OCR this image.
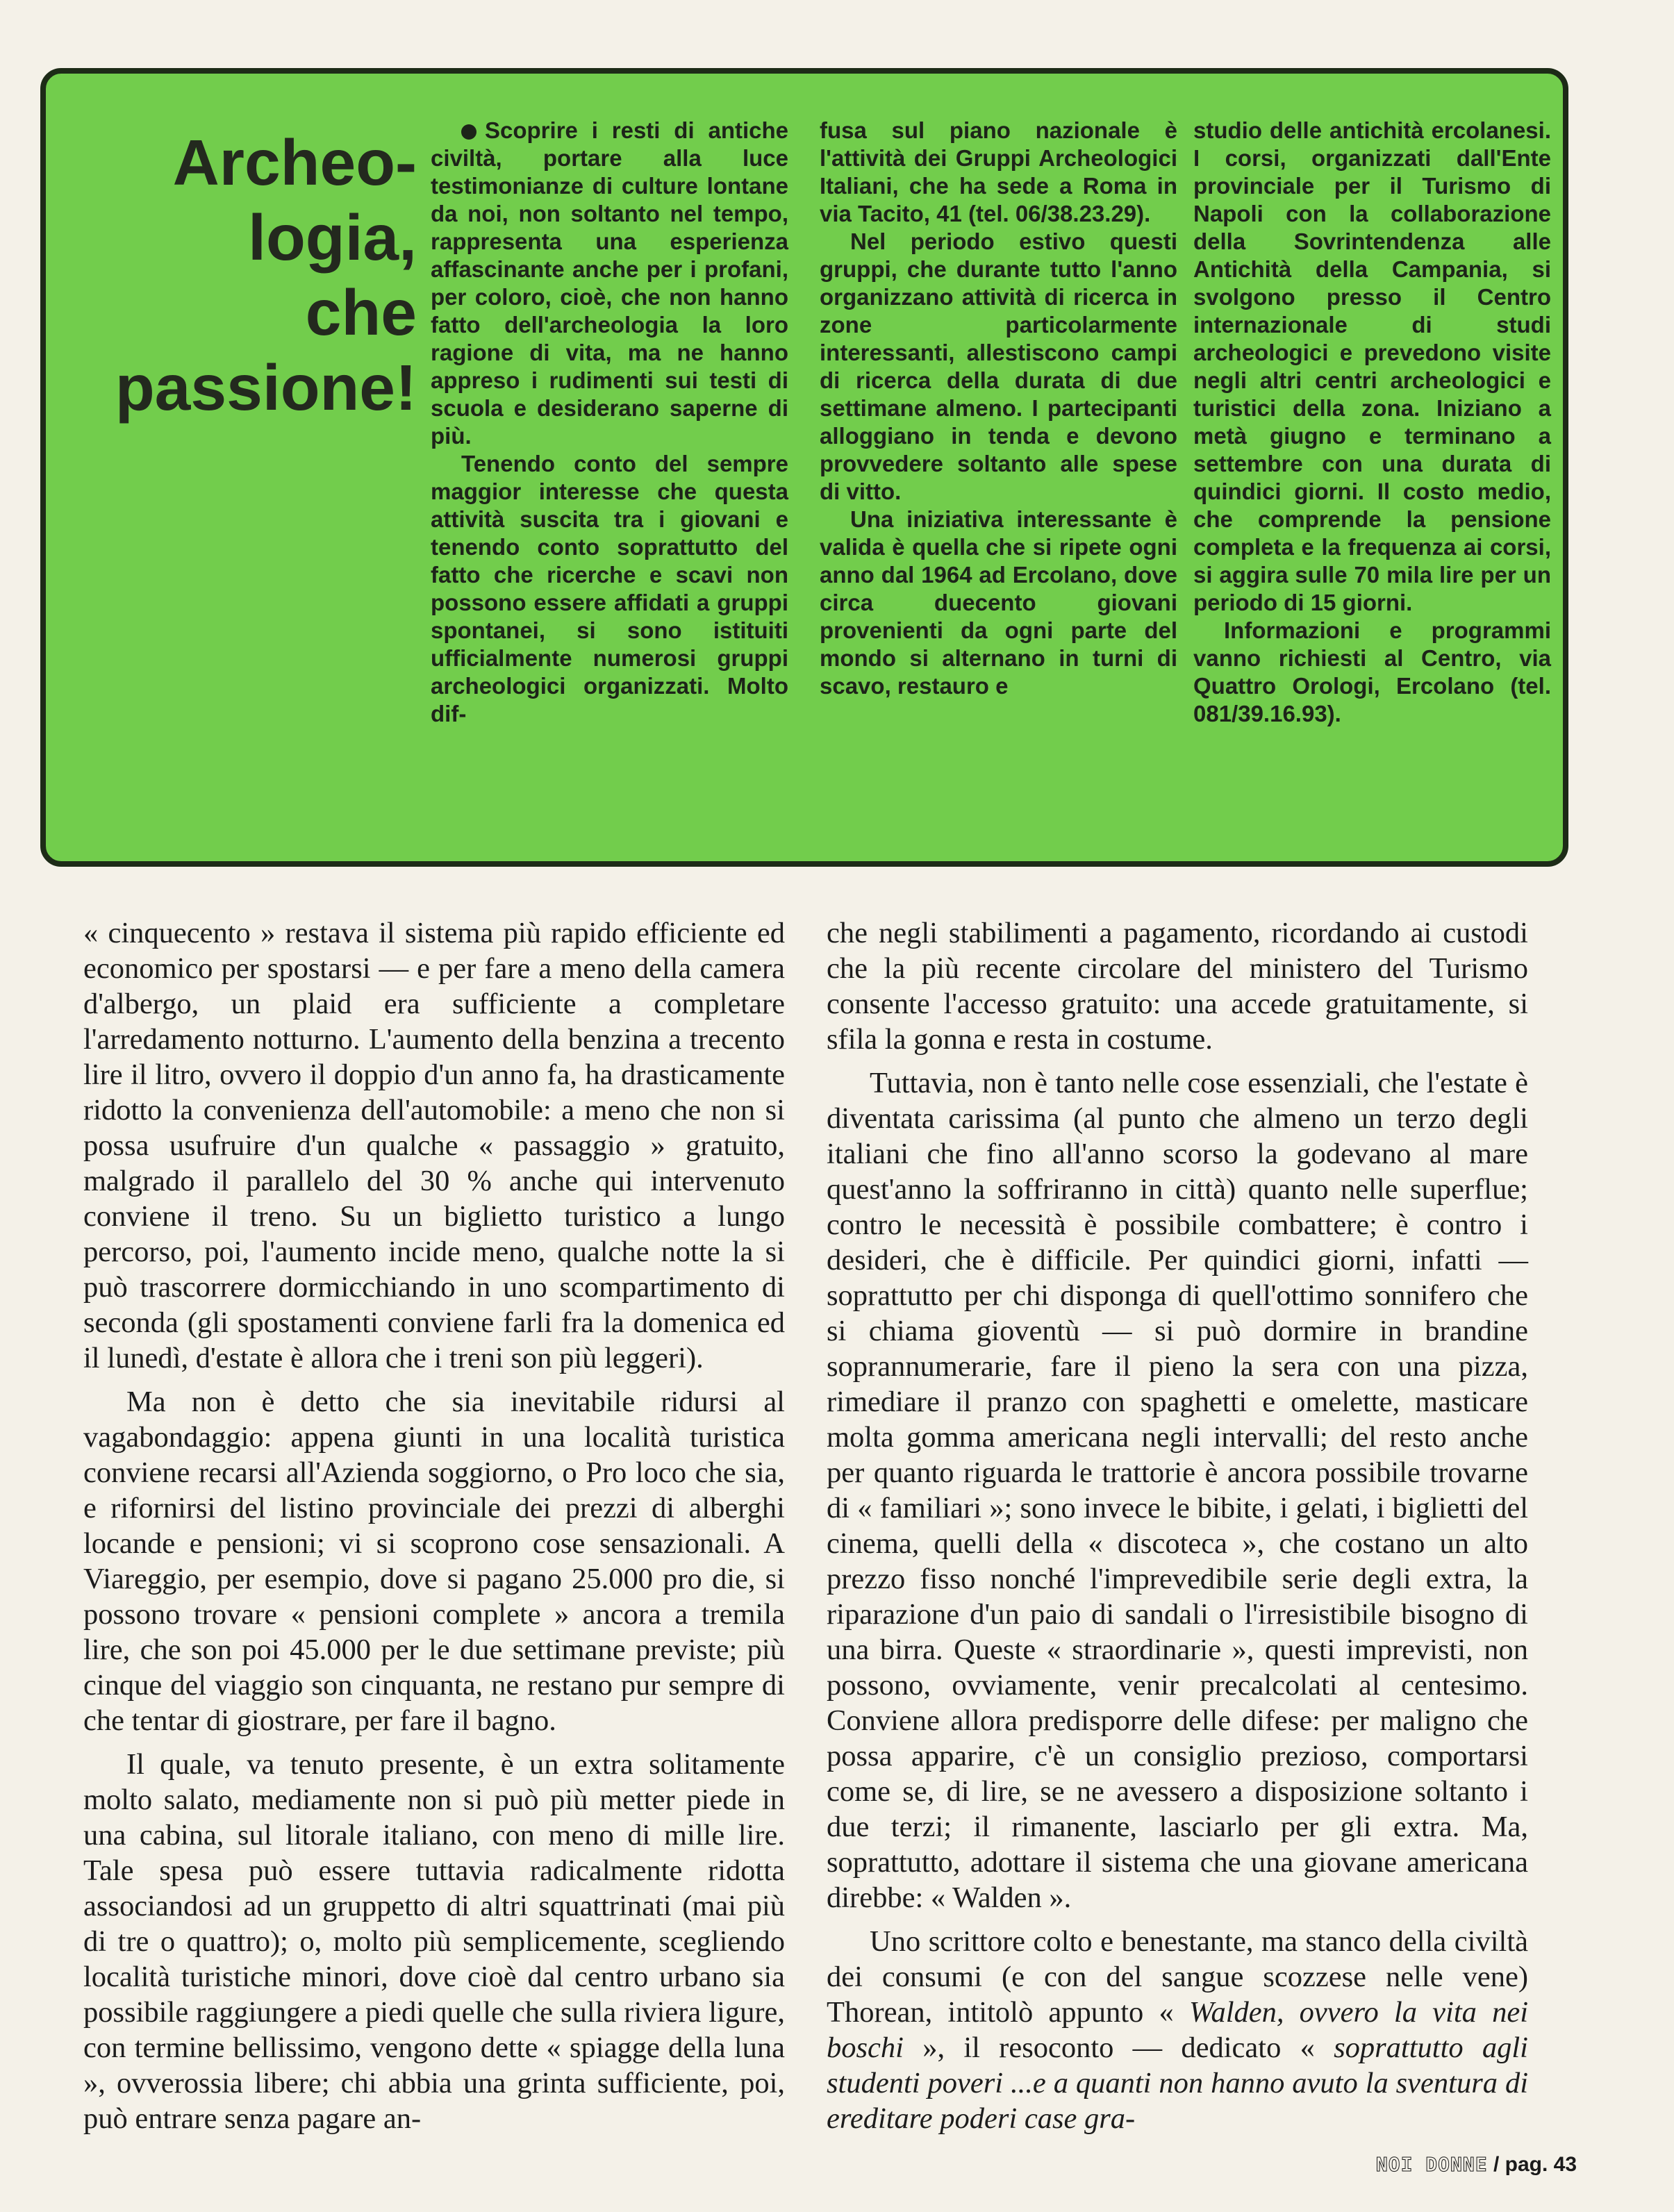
Archeo-
logia,
che
passione!

Scoprire i resti di antiche civiltà, portare alla luce testimonianze di culture lontane da noi, non soltanto nel tempo, rappresenta una esperienza affascinante anche per i profani, per coloro, cioè, che non hanno fatto dell'archeologia la loro ragione di vita, ma ne hanno appreso i rudimenti sui testi di scuola e desiderano saperne di più.

Tenendo conto del sempre maggior interesse che questa attività suscita tra i giovani e tenendo conto soprattutto del fatto che ricerche e scavi non possono essere affidati a gruppi spontanei, si sono istituiti ufficialmente numerosi gruppi archeologici organizzati. Molto dif-

fusa sul piano nazionale è l'attività dei Gruppi Archeologici Italiani, che ha sede a Roma in via Tacito, 41 (tel. 06/38.23.29).

Nel periodo estivo questi gruppi, che durante tutto l'anno organizzano attività di ricerca in zone particolarmente interessanti, allestiscono campi di ricerca della durata di due settimane almeno. I partecipanti alloggiano in tenda e devono provvedere soltanto alle spese di vitto.

Una iniziativa interessante è valida è quella che si ripete ogni anno dal 1964 ad Ercolano, dove circa duecento giovani provenienti da ogni parte del mondo si alternano in turni di scavo, restauro e

studio delle antichità ercolanesi. I corsi, organizzati dall'Ente provinciale per il Turismo di Napoli con la collaborazione della Sovrintendenza alle Antichità della Campania, si svolgono presso il Centro internazionale di studi archeologici e prevedono visite negli altri centri archeologici e turistici della zona. Iniziano a metà giugno e terminano a settembre con una durata di quindici giorni. Il costo medio, che comprende la pensione completa e la frequenza ai corsi, si aggira sulle 70 mila lire per un periodo di 15 giorni.

Informazioni e programmi vanno richiesti al Centro, via Quattro Orologi, Ercolano (tel. 081/39.16.93).

« cinquecento » restava il sistema più rapido efficiente ed economico per spostarsi — e per fare a meno della camera d'albergo, un plaid era sufficiente a completare l'arredamento notturno. L'aumento della benzina a trecento lire il litro, ovvero il doppio d'un anno fa, ha drasticamente ridotto la convenienza dell'automobile: a meno che non si possa usufruire d'un qualche « passaggio » gratuito, malgrado il parallelo del 30 % anche qui intervenuto conviene il treno. Su un biglietto turistico a lungo percorso, poi, l'aumento incide meno, qualche notte la si può trascorrere dormicchiando in uno scompartimento di seconda (gli spostamenti conviene farli fra la domenica ed il lunedì, d'estate è allora che i treni son più leggeri).

Ma non è detto che sia inevitabile ridursi al vagabondaggio: appena giunti in una località turistica conviene recarsi all'Azienda soggiorno, o Pro loco che sia, e rifornirsi del listino provinciale dei prezzi di alberghi locande e pensioni; vi si scoprono cose sensazionali. A Viareggio, per esempio, dove si pagano 25.000 pro die, si possono trovare « pensioni complete » ancora a tremila lire, che son poi 45.000 per le due settimane previste; più cinque del viaggio son cinquanta, ne restano pur sempre di che tentar di giostrare, per fare il bagno.

Il quale, va tenuto presente, è un extra solitamente molto salato, mediamente non si può più metter piede in una cabina, sul litorale italiano, con meno di mille lire. Tale spesa può essere tuttavia radicalmente ridotta associandosi ad un gruppetto di altri squattrinati (mai più di tre o quattro); o, molto più semplicemente, scegliendo località turistiche minori, dove cioè dal centro urbano sia possibile raggiungere a piedi quelle che sulla riviera ligure, con termine bellissimo, vengono dette « spiagge della luna », ovverossia libere; chi abbia una grinta sufficiente, poi, può entrare senza pagare an-

che negli stabilimenti a pagamento, ricordando ai custodi che la più recente circolare del ministero del Turismo consente l'accesso gratuito: una accede gratuitamente, si sfila la gonna e resta in costume.

Tuttavia, non è tanto nelle cose essenziali, che l'estate è diventata carissima (al punto che almeno un terzo degli italiani che fino all'anno scorso la godevano al mare quest'anno la soffriranno in città) quanto nelle superflue; contro le necessità è possibile combattere; è contro i desideri, che è difficile. Per quindici giorni, infatti — soprattutto per chi disponga di quell'ottimo sonnifero che si chiama gioventù — si può dormire in brandine soprannumerarie, fare il pieno la sera con una pizza, rimediare il pranzo con spaghetti e omelette, masticare molta gomma americana negli intervalli; del resto anche per quanto riguarda le trattorie è ancora possibile trovarne di « familiari »; sono invece le bibite, i gelati, i biglietti del cinema, quelli della « discoteca », che costano un alto prezzo fisso nonché l'imprevedibile serie degli extra, la riparazione d'un paio di sandali o l'irresistibile bisogno di una birra. Queste « straordinarie », questi imprevisti, non possono, ovviamente, venir precalcolati al centesimo. Conviene allora predisporre delle difese: per maligno che possa apparire, c'è un consiglio prezioso, comportarsi come se, di lire, se ne avessero a disposizione soltanto i due terzi; il rimanente, lasciarlo per gli extra. Ma, soprattutto, adottare il sistema che una giovane americana direbbe: « Walden ».

Uno scrittore colto e benestante, ma stanco della civiltà dei consumi (e con del sangue scozzese nelle vene) Thorean, intitolò appunto « Walden, ovvero la vita nei boschi », il resoconto — dedicato « soprattutto agli studenti poveri ...e a quanti non hanno avuto la sventura di ereditare poderi case gra-

NOI DONNE / pag. 43
